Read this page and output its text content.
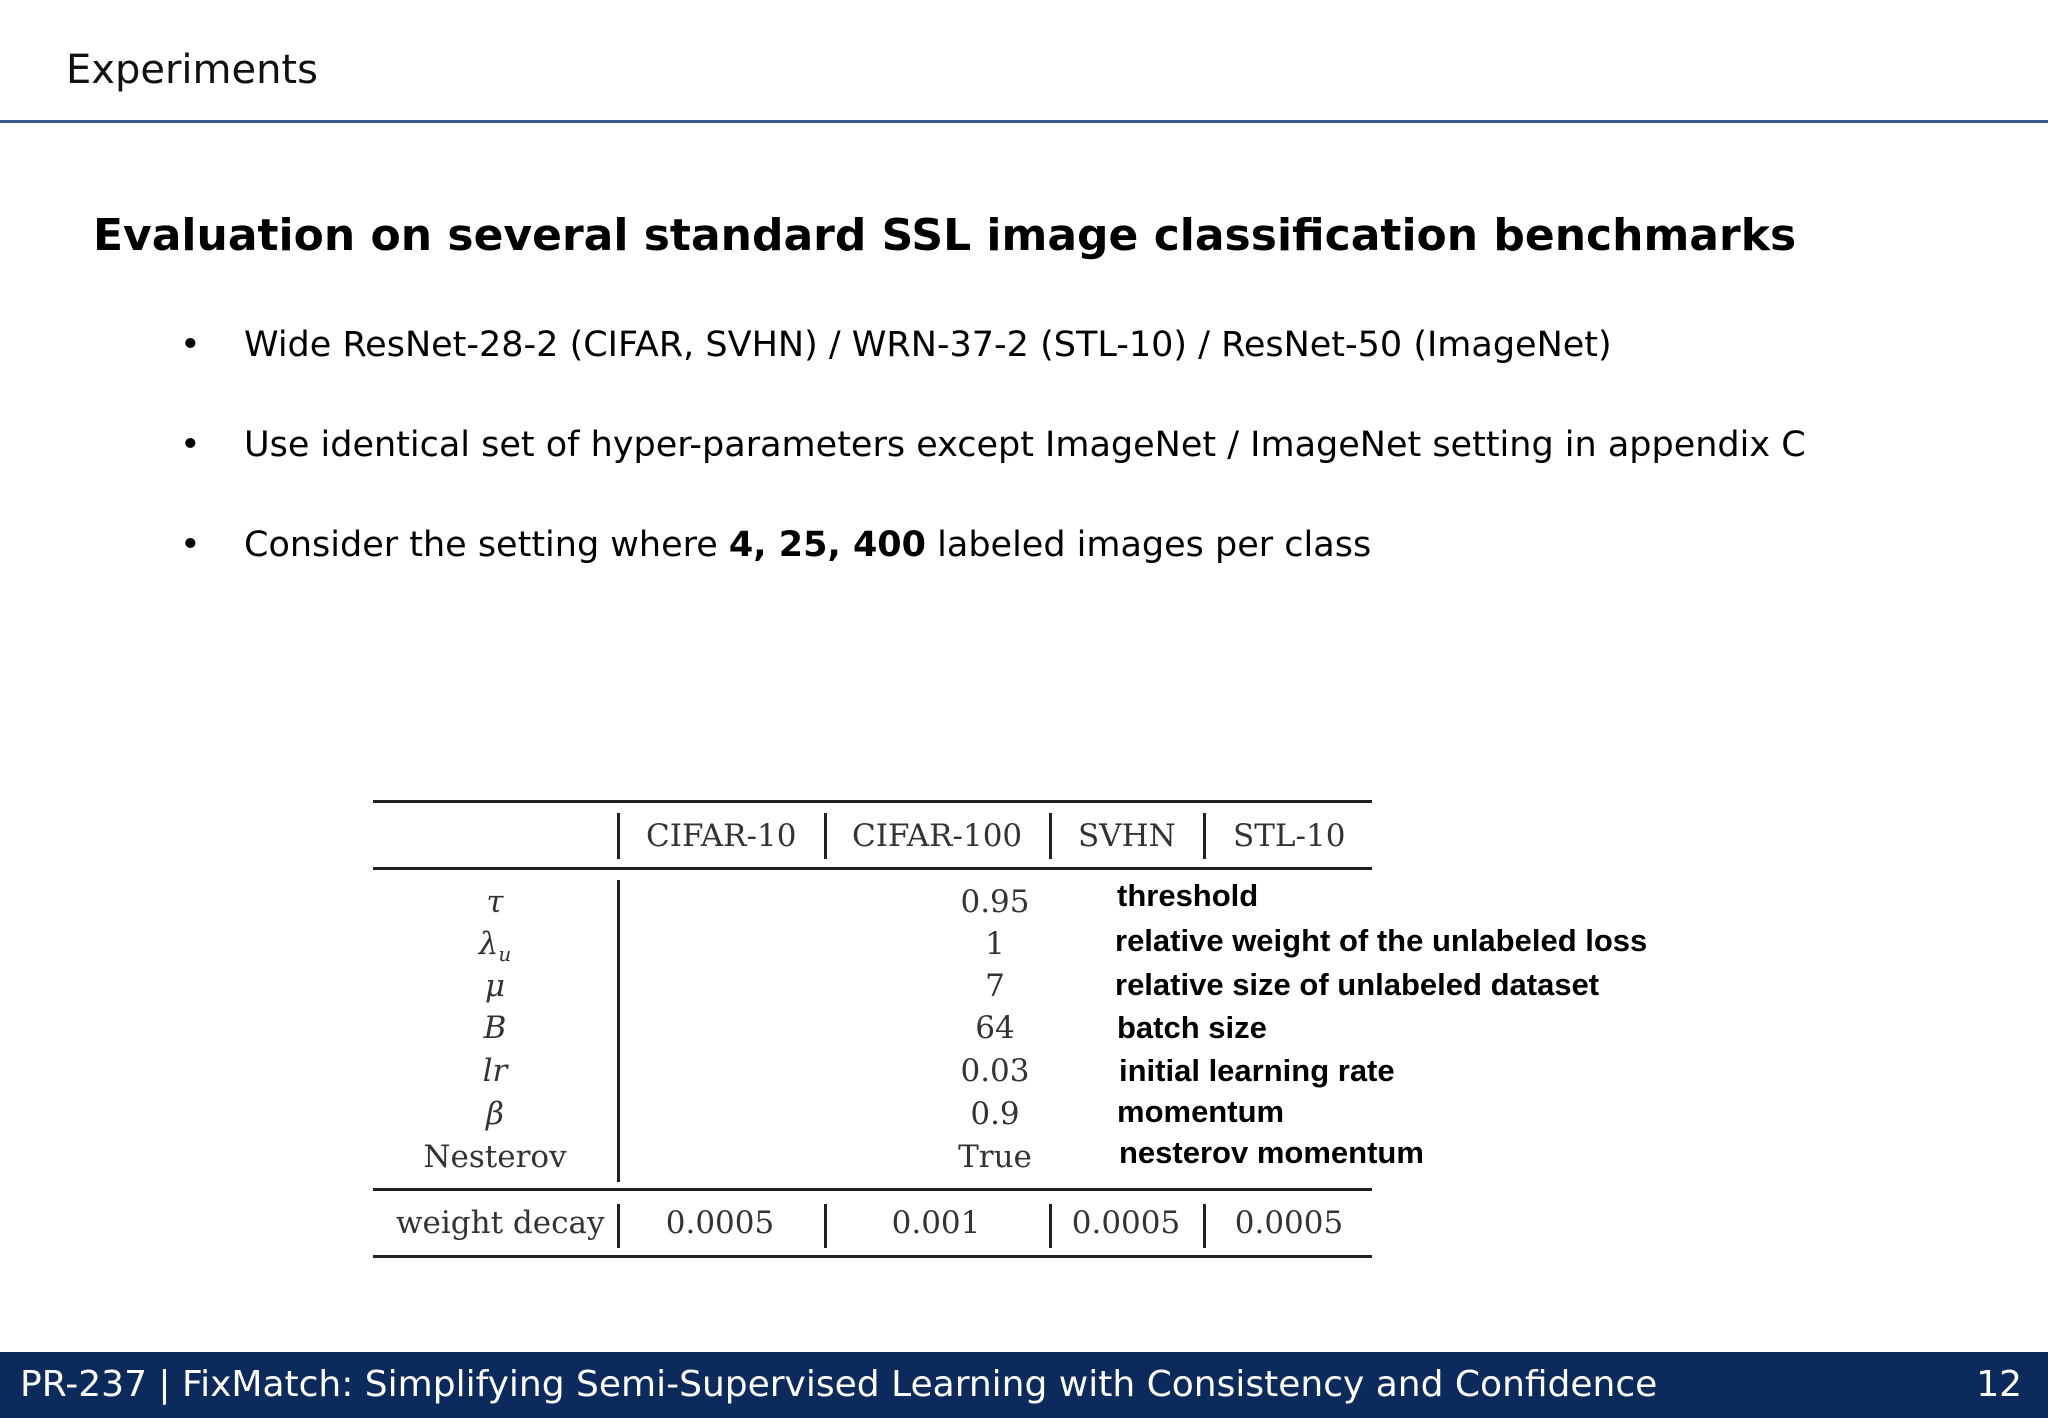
Experiments
Evaluation on several standard SSL image classification benchmarks
• Wide ResNet-28-2 (CIFAR, SVHN) / WRN-37-2 (STL-10) / ResNet-50 (ImageNet)
• Use identical set of hyper-parameters except ImageNet / ImageNet setting in appendix C
• Consider the setting where 4, 25, 400 labeled images per class
CIFAR-10 CIFAR-100 SVHN STL-10
τ	0.95	threshold
$\lambda_u$	1	relative weight of the unlabeled loss
μ	7	relative size of unlabeled dataset
B	64	batch size
lr	0.03	initial learning rate
β	0.9	momentum
Nesterov	True	nesterov momentum
weight decay	0.0005	0.001	0.0005	0.0005
PR-237 | FixMatch: Simplifying Semi-Supervised Learning with Consistency and Confidence	12
